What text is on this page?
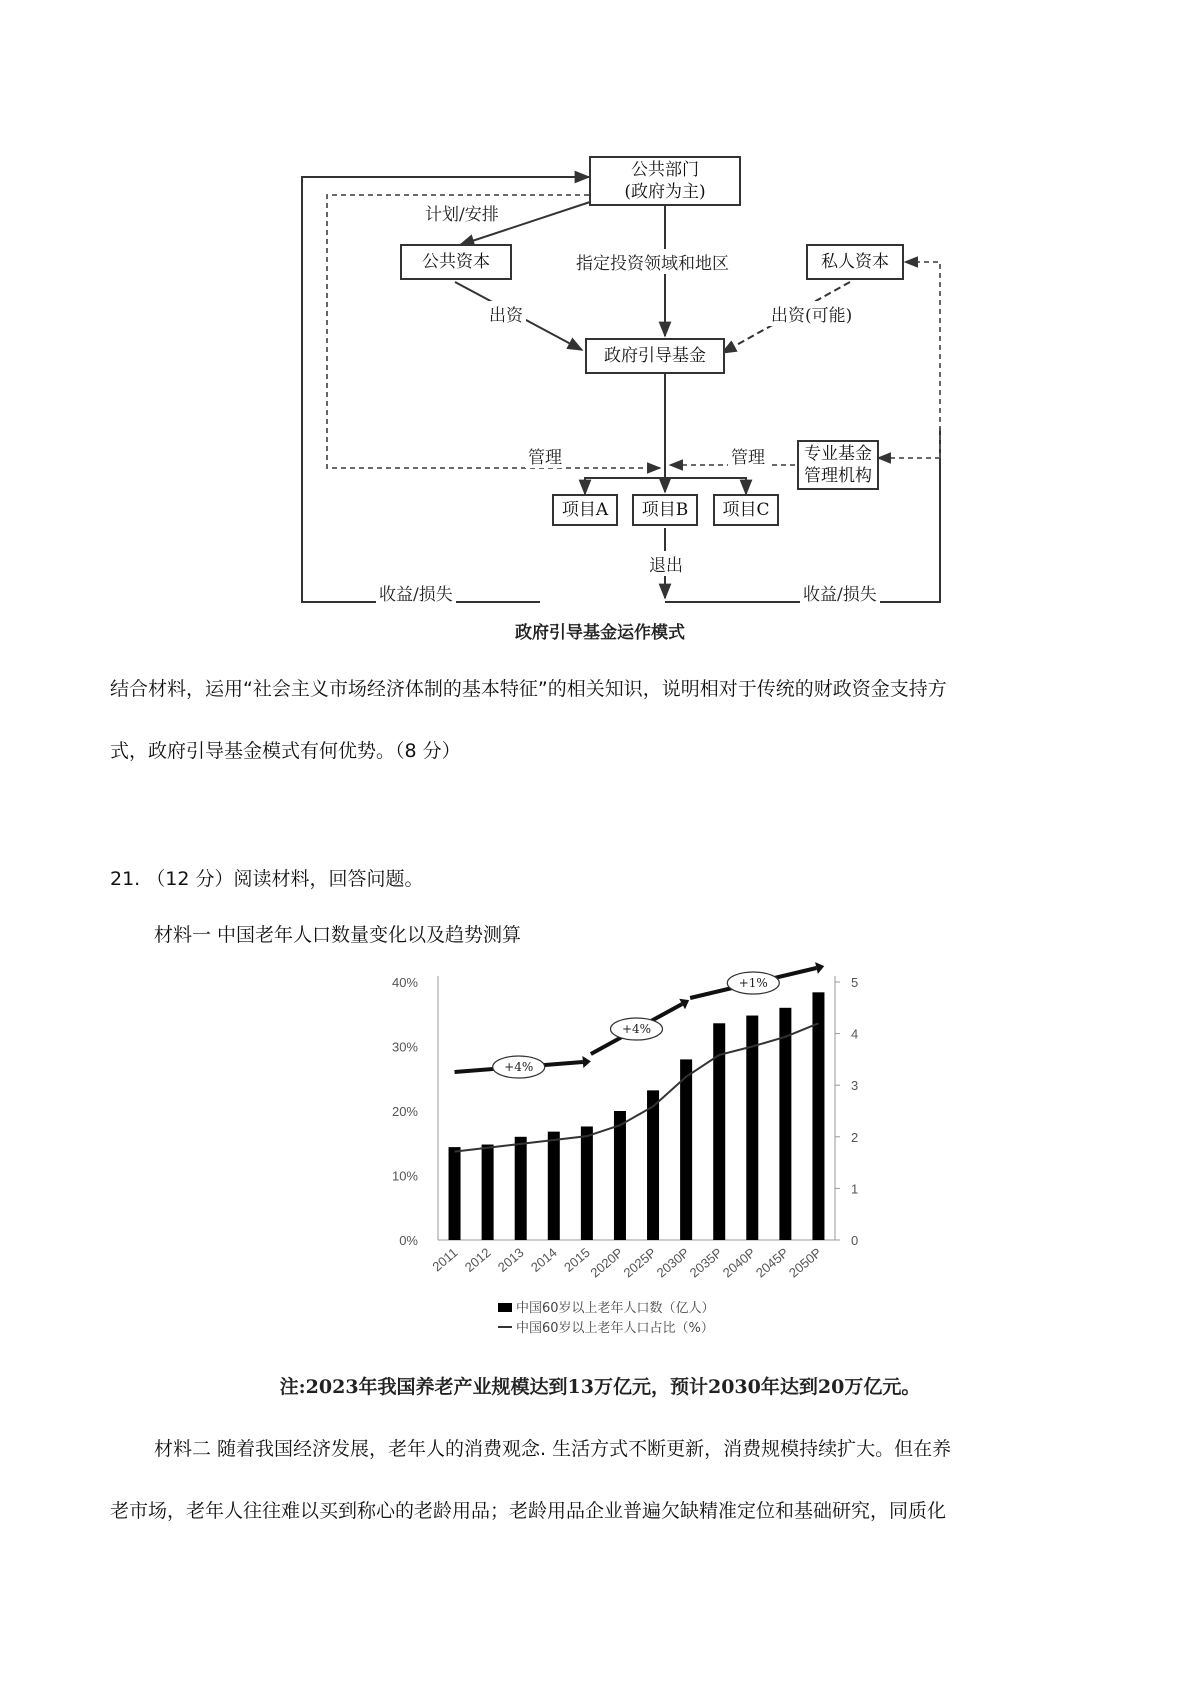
公共部门
(政府为主)
公共资本	私人资本
政府引导基金
专业基金
管理机构
项目A 项目B 项目C
计划/安排
指定投资领域和地区
出资	出资(可能)
管理	管理
退出
收益/损失	收益/损失
政府引导基金运作模式
结合材料，运用“社会主义市场经济体制的基本特征”的相关知识，说明相对于传统的财政资金支持方
式，政府引导基金模式有何优势。（8 分）
21. （12 分）阅读材料，回答问题。
材料一 中国老年人口数量变化以及趋势测算
0%
10%
20%
30%
40%
0
1
2
3
4
5
2011 2012 2013 2014 2015
2020P
2025P
2030P
2035P
2040P
2045P
2050P
+4%
+4%
+1%
中国60岁以上老年人口数（亿人）
中国60岁以上老年人口占比（%）
注:2023年我国养老产业规模达到13万亿元，预计2030年达到20万亿元。
材料二 随着我国经济发展，老年人的消费观念. 生活方式不断更新，消费规模持续扩大。但在养
老市场，老年人往往难以买到称心的老龄用品；老龄用品企业普遍欠缺精准定位和基础研究，同质化
